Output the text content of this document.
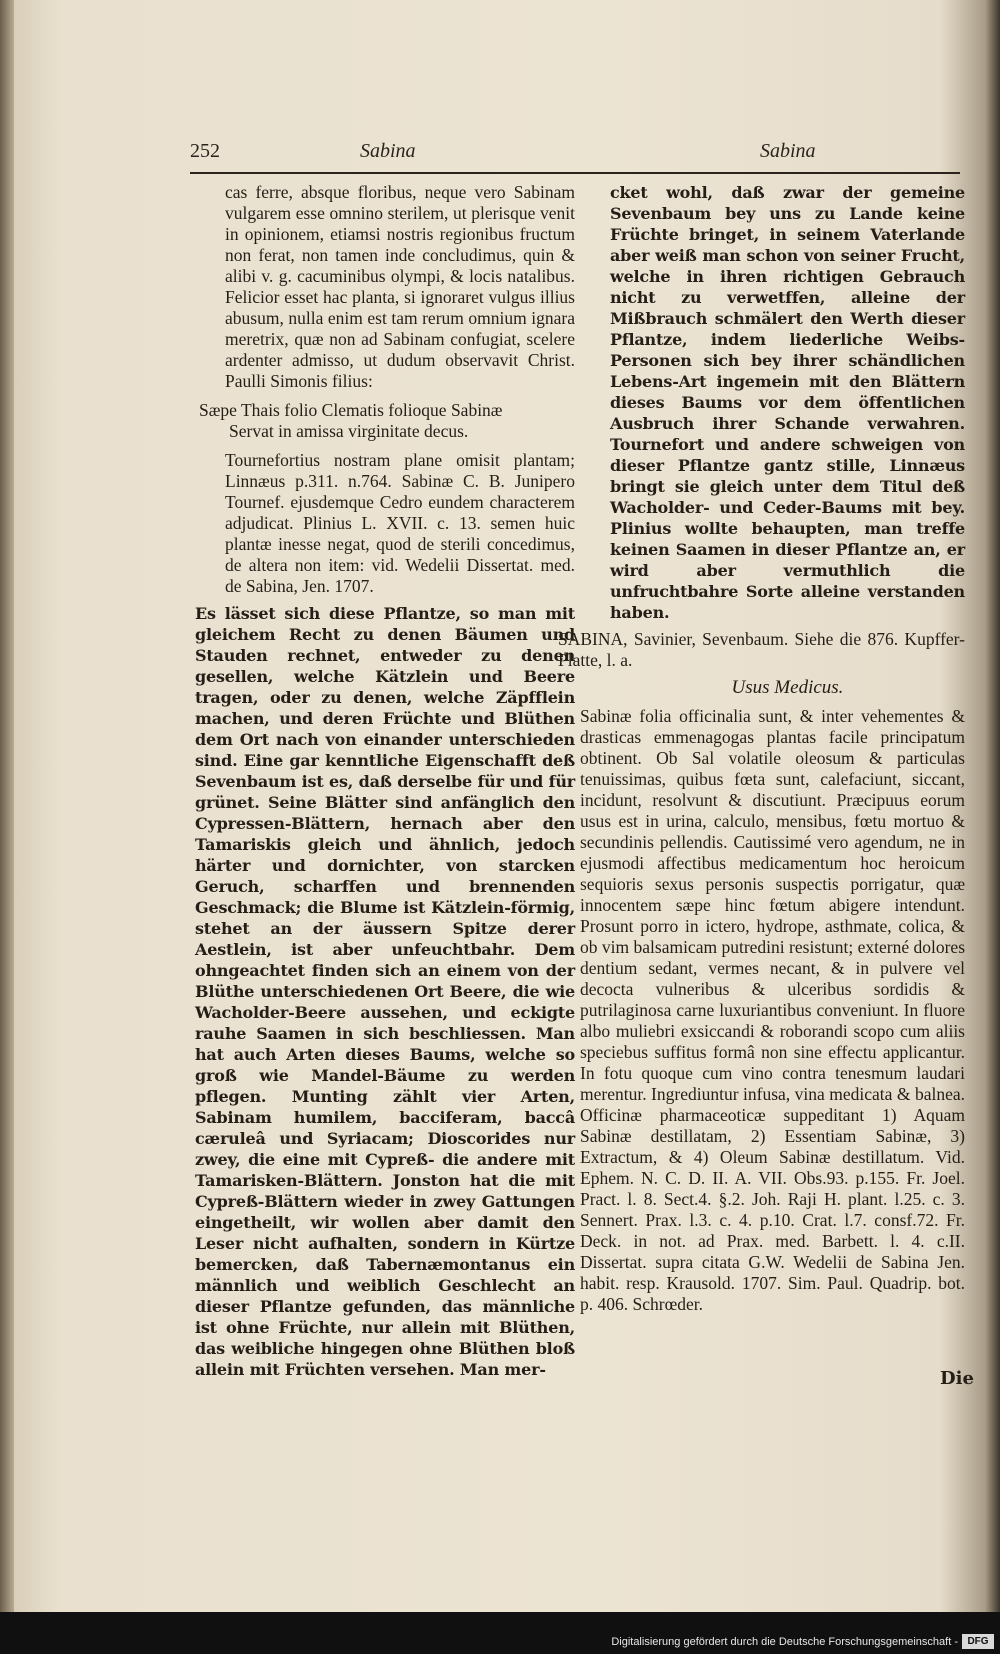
252	Sabina	Sabina

cas ferre, absque floribus, neque vero Sabinam vulgarem esse omnino sterilem, ut plerisque venit in opinionem, etiamsi nostris regionibus fructum non ferat, non tamen inde concludimus, quin & alibi v. g. cacuminibus olympi, & locis natalibus. Felicior esset hac planta, si ignoraret vulgus illius abusum, nulla enim est tam rerum omnium ignara meretrix, quæ non ad Sabinam confugiat, scelere ardenter admisso, ut dudum observavit Christ. Paulli Simonis filius:

Sæpe Thais folio Clematis folioque Sabinæ
Servat in amissa virginitate decus.

Tournefortius nostram plane omisit plantam; Linnæus p.311. n.764. Sabinæ C. B. Junipero Tournef. ejusdemque Cedro eundem characterem adjudicat. Plinius L. XVII. c. 13. semen huic plantæ inesse negat, quod de sterili concedimus, de altera non item: vid. Wedelii Dissertat. med. de Sabina, Jen. 1707.

Es lässet sich diese Pflantze, so man mit gleichem Recht zu denen Bäumen und Stauden rechnet, entweder zu denen gesellen, welche Kätzlein und Beere tragen, oder zu denen, welche Zäpfflein machen, und deren Früchte und Blüthen dem Ort nach von einander unterschieden sind. Eine gar kenntliche Eigenschafft deß Sevenbaum ist es, daß derselbe für und für grünet. Seine Blätter sind anfänglich den Cypressen-Blättern, hernach aber den Tamariskis gleich und ähnlich, jedoch härter und dornichter, von starcken Geruch, scharffen und brennenden Geschmack; die Blume ist Kätzlein-förmig, stehet an der äussern Spitze derer Aestlein, ist aber unfeuchtbahr. Dem ohngeachtet finden sich an einem von der Blüthe unterschiedenen Ort Beere, die wie Wacholder-Beere aussehen, und eckigte rauhe Saamen in sich beschliessen. Man hat auch Arten dieses Baums, welche so groß wie Mandel-Bäume zu werden pflegen. Munting zählt vier Arten, Sabinam humilem, bacciferam, baccâ cæruleâ und Syriacam; Dioscorides nur zwey, die eine mit Cypreß- die andere mit Tamarisken-Blättern. Jonston hat die mit Cypreß-Blättern wieder in zwey Gattungen eingetheilt, wir wollen aber damit den Leser nicht aufhalten, sondern in Kürtze bemercken, daß Tabernæmontanus ein männlich und weiblich Geschlecht an dieser Pflantze gefunden, das männliche ist ohne Früchte, nur allein mit Blüthen, das weibliche hingegen ohne Blüthen bloß allein mit Früchten versehen. Man mer-

cket wohl, daß zwar der gemeine Sevenbaum bey uns zu Lande keine Früchte bringet, in seinem Vaterlande aber weiß man schon von seiner Frucht, welche in ihren richtigen Gebrauch nicht zu verwetffen, alleine der Mißbrauch schmälert den Werth dieser Pflantze, indem liederliche Weibs-Personen sich bey ihrer schändlichen Lebens-Art ingemein mit den Blättern dieses Baums vor dem öffentlichen Ausbruch ihrer Schande verwahren. Tournefort und andere schweigen von dieser Pflantze gantz stille, Linnæus bringt sie gleich unter dem Titul deß Wacholder- und Ceder-Baums mit bey. Plinius wollte behaupten, man treffe keinen Saamen in dieser Pflantze an, er wird aber vermuthlich die unfruchtbahre Sorte alleine verstanden haben.

SABINA, Savinier, Sevenbaum. Siehe die 876. Kupffer-Platte, l. a.

Usus Medicus.

Sabinæ folia officinalia sunt, & inter vehementes & drasticas emmenagogas plantas facile principatum obtinent. Ob Sal volatile oleosum & particulas tenuissimas, quibus fœta sunt, calefaciunt, siccant, incidunt, resolvunt & discutiunt. Præcipuus eorum usus est in urina, calculo, mensibus, fœtu mortuo & secundinis pellendis. Cautissimé vero agendum, ne in ejusmodi affectibus medicamentum hoc heroicum sequioris sexus personis suspectis porrigatur, quæ innocentem sæpe hinc fœtum abigere intendunt. Prosunt porro in ictero, hydrope, asthmate, colica, & ob vim balsamicam putredini resistunt; externé dolores dentium sedant, vermes necant, & in pulvere vel decocta vulneribus & ulceribus sordidis & putrilaginosa carne luxuriantibus conveniunt. In fluore albo muliebri exsiccandi & roborandi scopo cum aliis speciebus suffitus formâ non sine effectu applicantur. In fotu quoque cum vino contra tenesmum laudari merentur. Ingrediuntur infusa, vina medicata & balnea. Officinæ pharmaceoticæ suppeditant 1) Aquam Sabinæ destillatam, 2) Essentiam Sabinæ, 3) Extractum, & 4) Oleum Sabinæ destillatum. Vid. Ephem. N. C. D. II. A. VII. Obs.93. p.155. Fr. Joel. Pract. l. 8. Sect.4. §.2. Joh. Raji H. plant. l.25. c. 3. Sennert. Prax. l.3. c. 4. p.10. Crat. l.7. consf.72. Fr. Deck. in not. ad Prax. med. Barbett. l. 4. c.II. Dissertat. supra citata G.W. Wedelii de Sabina Jen. habit. resp. Krausold. 1707. Sim. Paul. Quadrip. bot. p. 406. Schrœder.

Die
Digitalisierung gefördert durch die Deutsche Forschungsgemeinschaft - DFG
